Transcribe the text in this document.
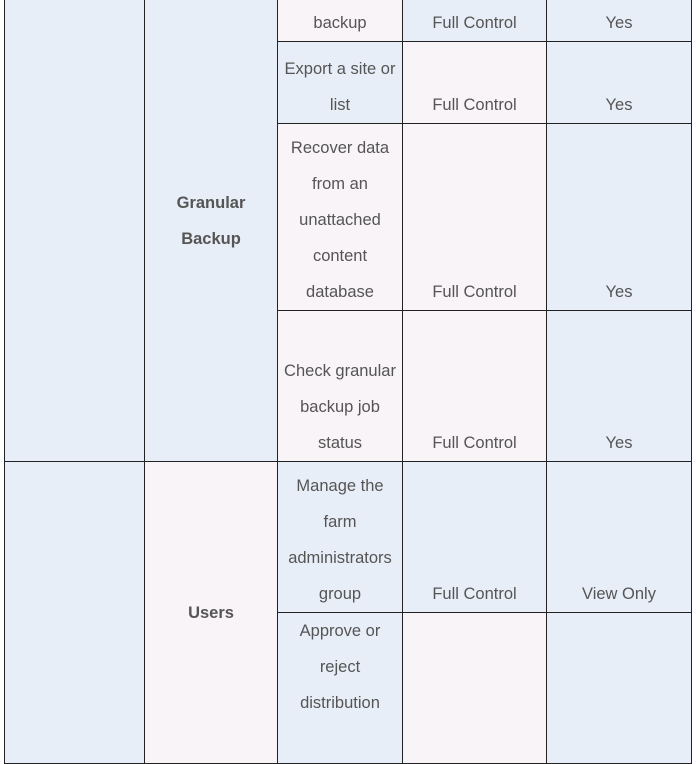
	Granular Backup	backup	Full Control	Yes
		Export a site or list	Full Control	Yes
		Recover data from an unattached content database	Full Control	Yes
		Check granular backup job status	Full Control	Yes
	Users	Manage the farm administrators group	Full Control	View Only
		Approve or reject distribution		
